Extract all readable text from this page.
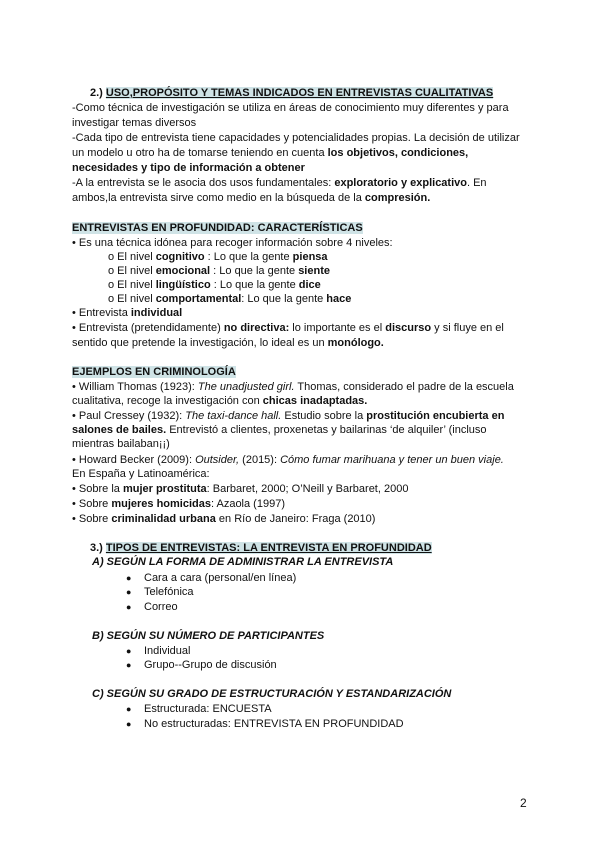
2.) USO,PROPÓSITO Y TEMAS INDICADOS EN ENTREVISTAS CUALITATIVAS
-Como técnica de investigación se utiliza en áreas de conocimiento muy diferentes y para
investigar temas diversos
-Cada tipo de entrevista tiene capacidades y potencialidades propias. La decisión de utilizar
un modelo u otro ha de tomarse teniendo en cuenta los objetivos, condiciones,
necesidades y tipo de información a obtener
-A la entrevista se le asocia dos usos fundamentales: exploratorio y explicativo. En
ambos,la entrevista sirve como medio en la búsqueda de la compresión.
ENTREVISTAS EN PROFUNDIDAD: CARACTERÍSTICAS
• Es una técnica idónea para recoger información sobre 4 niveles:
o El nivel cognitivo : Lo que la gente piensa
o El nivel emocional : Lo que la gente siente
o El nivel lingüístico : Lo que la gente dice
o El nivel comportamental: Lo que la gente hace
• Entrevista individual
• Entrevista (pretendidamente) no directiva: lo importante es el discurso y si fluye en el
sentido que pretende la investigación, lo ideal es un monólogo.
EJEMPLOS EN CRIMINOLOGÍA
• William Thomas (1923): The unadjusted girl. Thomas, considerado el padre de la escuela
cualitativa, recoge la investigación con chicas inadaptadas.
• Paul Cressey (1932): The taxi-dance hall. Estudio sobre la prostitución encubierta en
salones de bailes. Entrevistó a clientes, proxenetas y bailarinas ‘de alquiler’ (incluso
mientras bailaban¡¡)
• Howard Becker (2009): Outsider, (2015): Cómo fumar marihuana y tener un buen viaje.
En España y Latinoamérica:
• Sobre la mujer prostituta: Barbaret, 2000; O’Neill y Barbaret, 2000
• Sobre mujeres homicidas: Azaola (1997)
• Sobre criminalidad urbana en Río de Janeiro: Fraga (2010)
3.) TIPOS DE ENTREVISTAS: LA ENTREVISTA EN PROFUNDIDAD
A) SEGÚN LA FORMA DE ADMINISTRAR LA ENTREVISTA
● Cara a cara (personal/en línea)
● Telefónica
● Correo
B) SEGÚN SU NÚMERO DE PARTICIPANTES
● Individual
● Grupo--Grupo de discusión
C) SEGÚN SU GRADO DE ESTRUCTURACIÓN Y ESTANDARIZACIÓN
● Estructurada: ENCUESTA
● No estructuradas: ENTREVISTA EN PROFUNDIDAD
2
